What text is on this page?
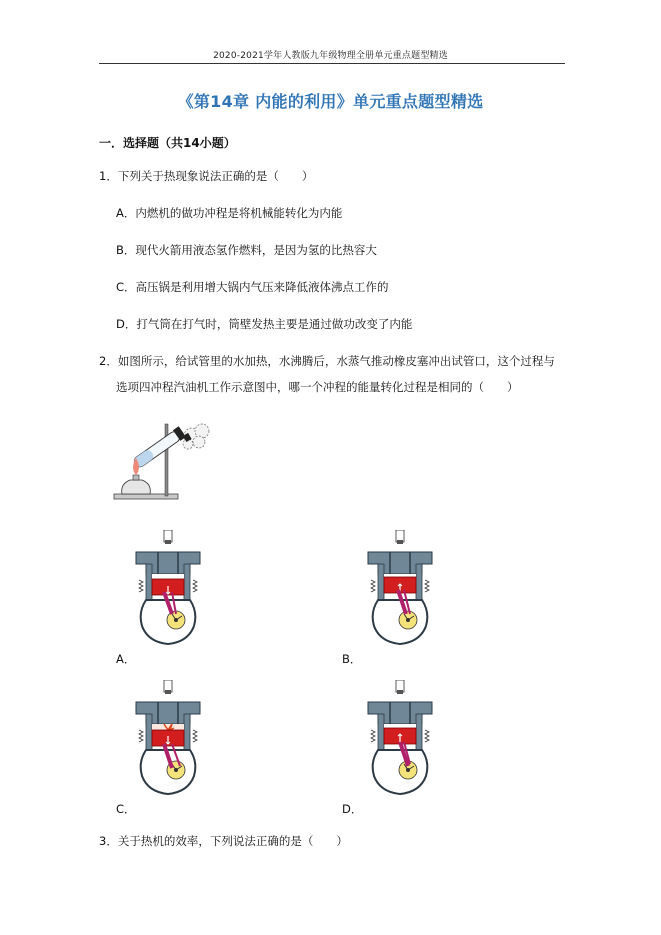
2020-2021学年人教版九年级物理全册单元重点题型精选
《第14章 内能的利用》单元重点题型精选
一．选择题（共14小题）
1．下列关于热现象说法正确的是（　　）
A．内燃机的做功冲程是将机械能转化为内能
B．现代火箭用液态氢作燃料，是因为氢的比热容大
C．高压锅是利用增大锅内气压来降低液体沸点工作的
D．打气筒在打气时，筒壁发热主要是通过做功改变了内能
2．如图所示，给试管里的水加热，水沸腾后，水蒸气推动橡皮塞冲出试管口，这个过程与
选项四冲程汽油机工作示意图中，哪一个冲程的能量转化过程是相同的（　　）
A．	B．
C．	D．
3．关于热机的效率，下列说法正确的是（　　）
